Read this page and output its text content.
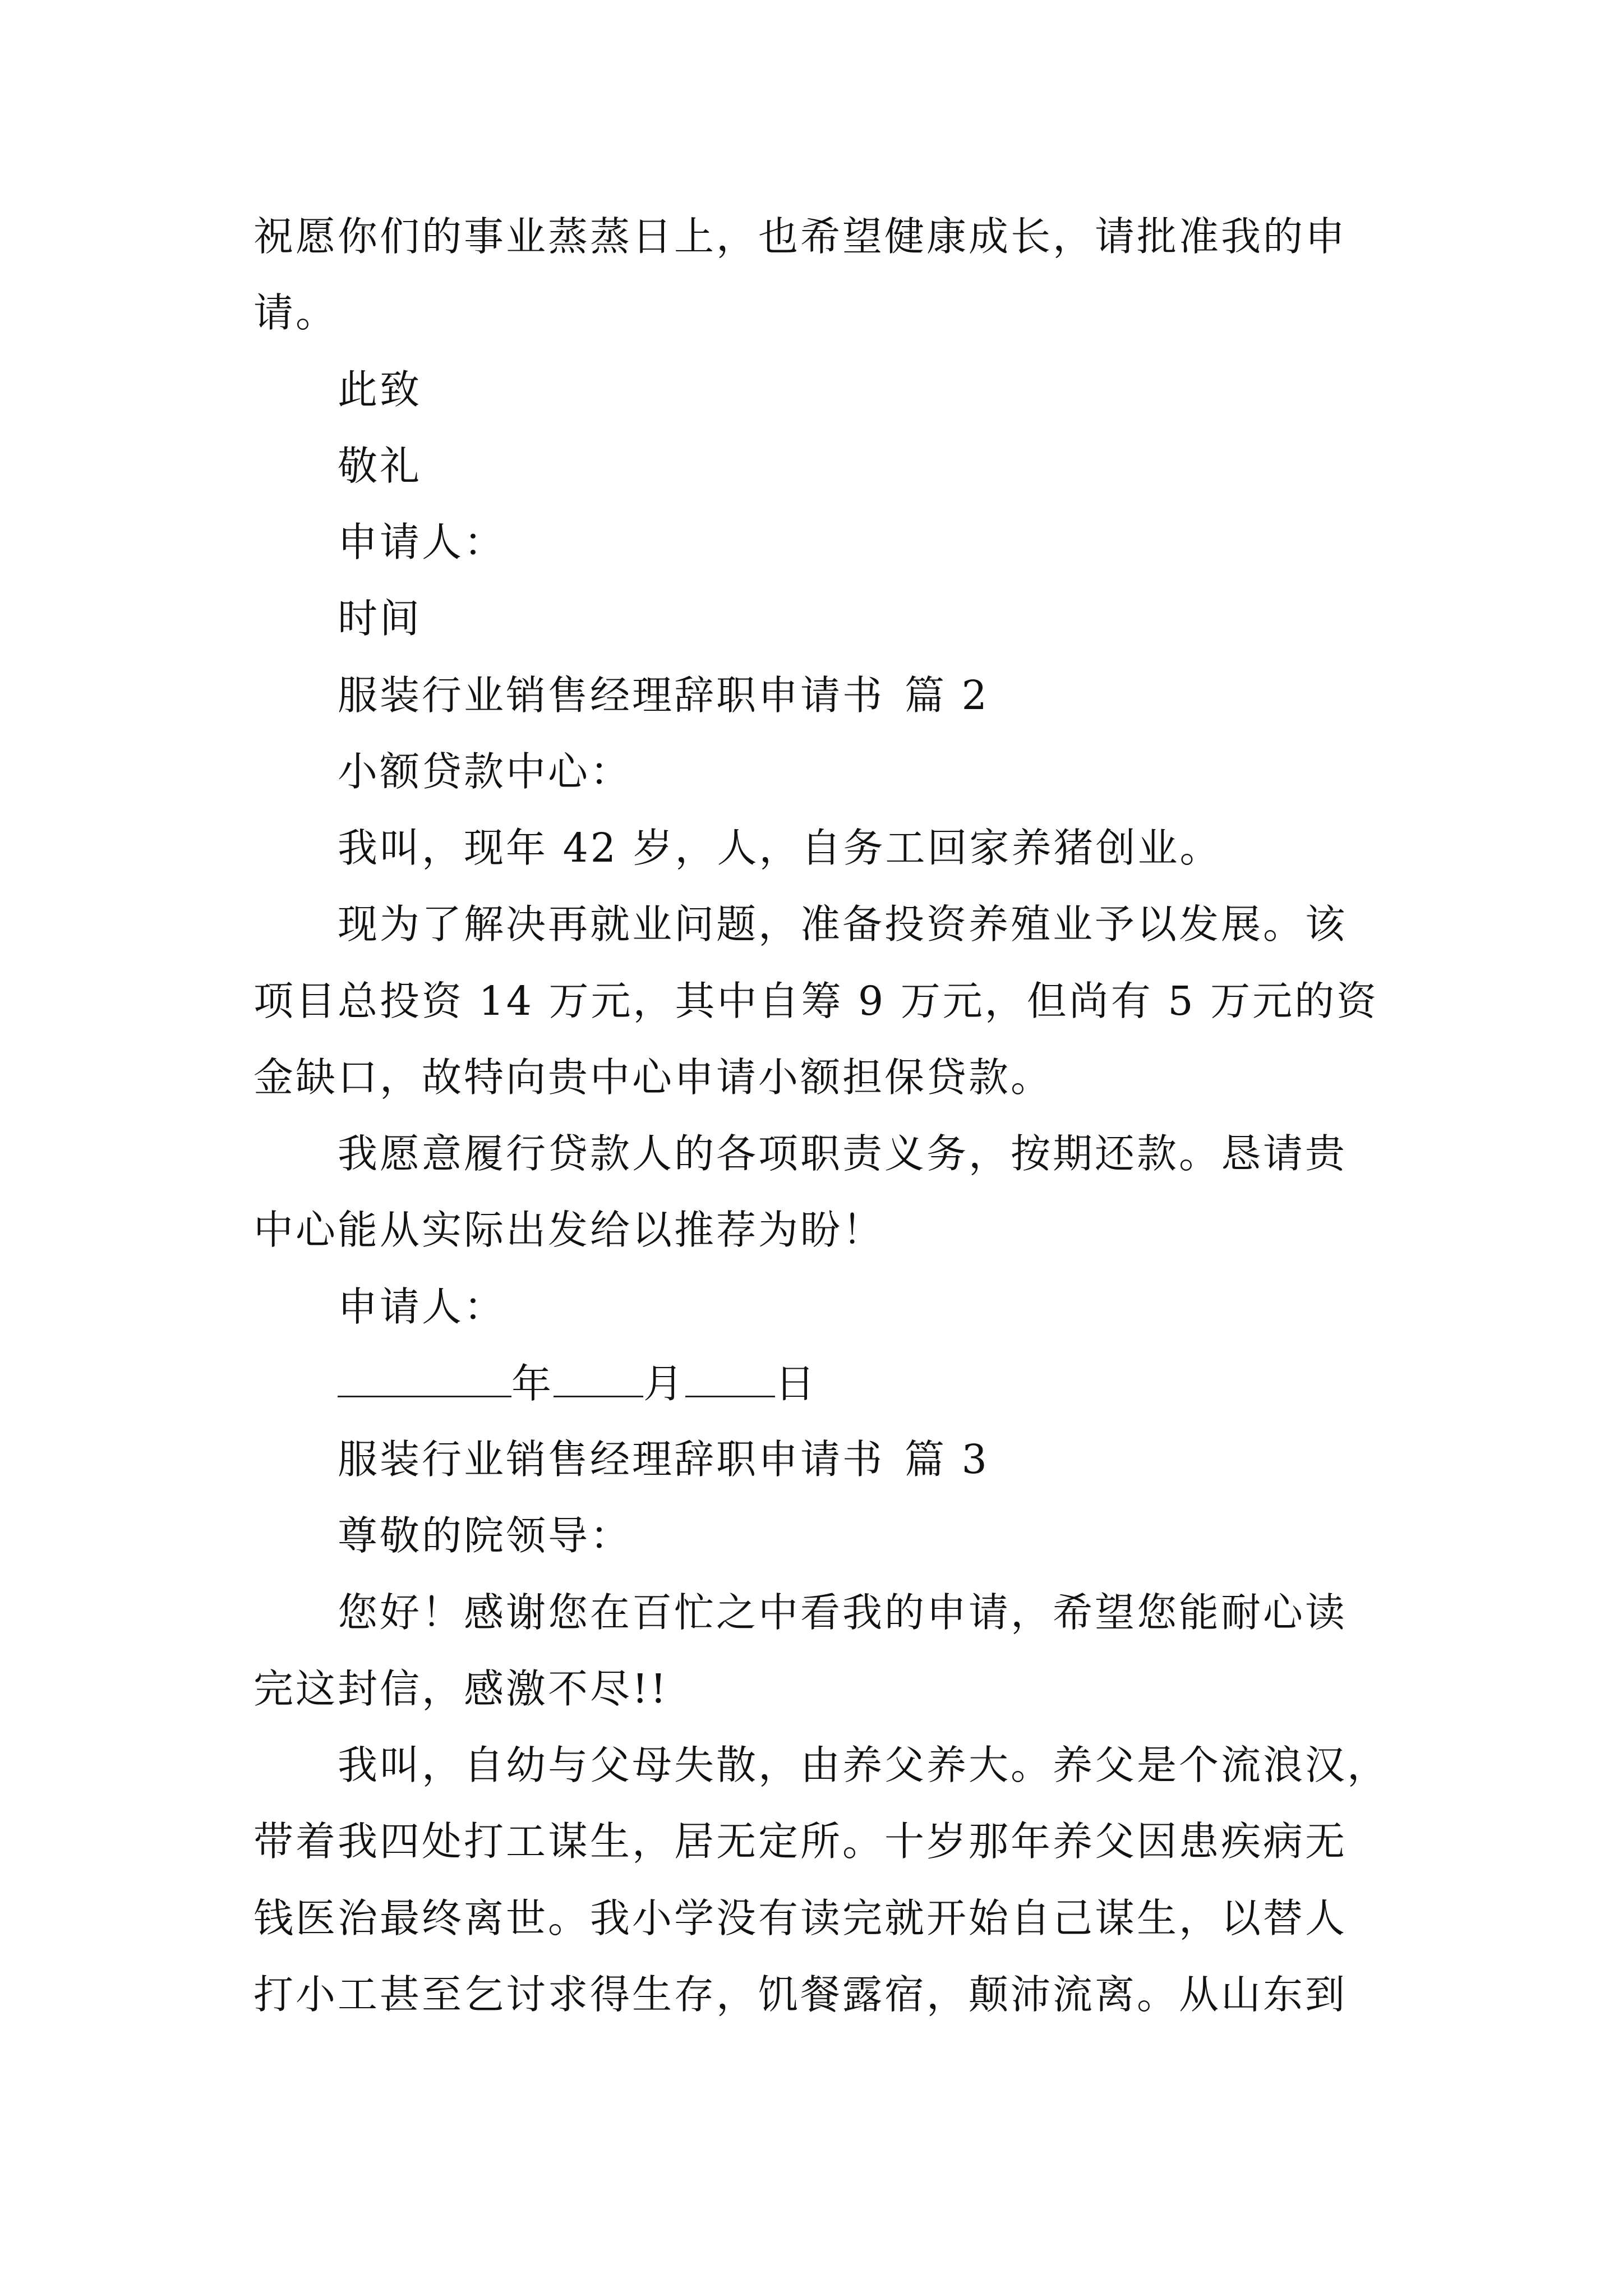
祝愿你们的事业蒸蒸日上，也希望健康成长，请批准我的申
请。
此致
敬礼
申请人：
时间
服装行业销售经理辞职申请书 篇 2
小额贷款中心：
我叫，现年 42 岁，人，自务工回家养猪创业。
现为了解决再就业问题，准备投资养殖业予以发展。该
项目总投资 14 万元，其中自筹 9 万元，但尚有 5 万元的资
金缺口，故特向贵中心申请小额担保贷款。
我愿意履行贷款人的各项职责义务，按期还款。恳请贵
中心能从实际出发给以推荐为盼！
申请人：
年 月 日
服装行业销售经理辞职申请书 篇 3
尊敬的院领导：
您好！感谢您在百忙之中看我的申请，希望您能耐心读
完这封信，感激不尽!!
我叫，自幼与父母失散，由养父养大。养父是个流浪汉，
带着我四处打工谋生，居无定所。十岁那年养父因患疾病无
钱医治最终离世。我小学没有读完就开始自己谋生，以替人
打小工甚至乞讨求得生存，饥餐露宿，颠沛流离。从山东到
